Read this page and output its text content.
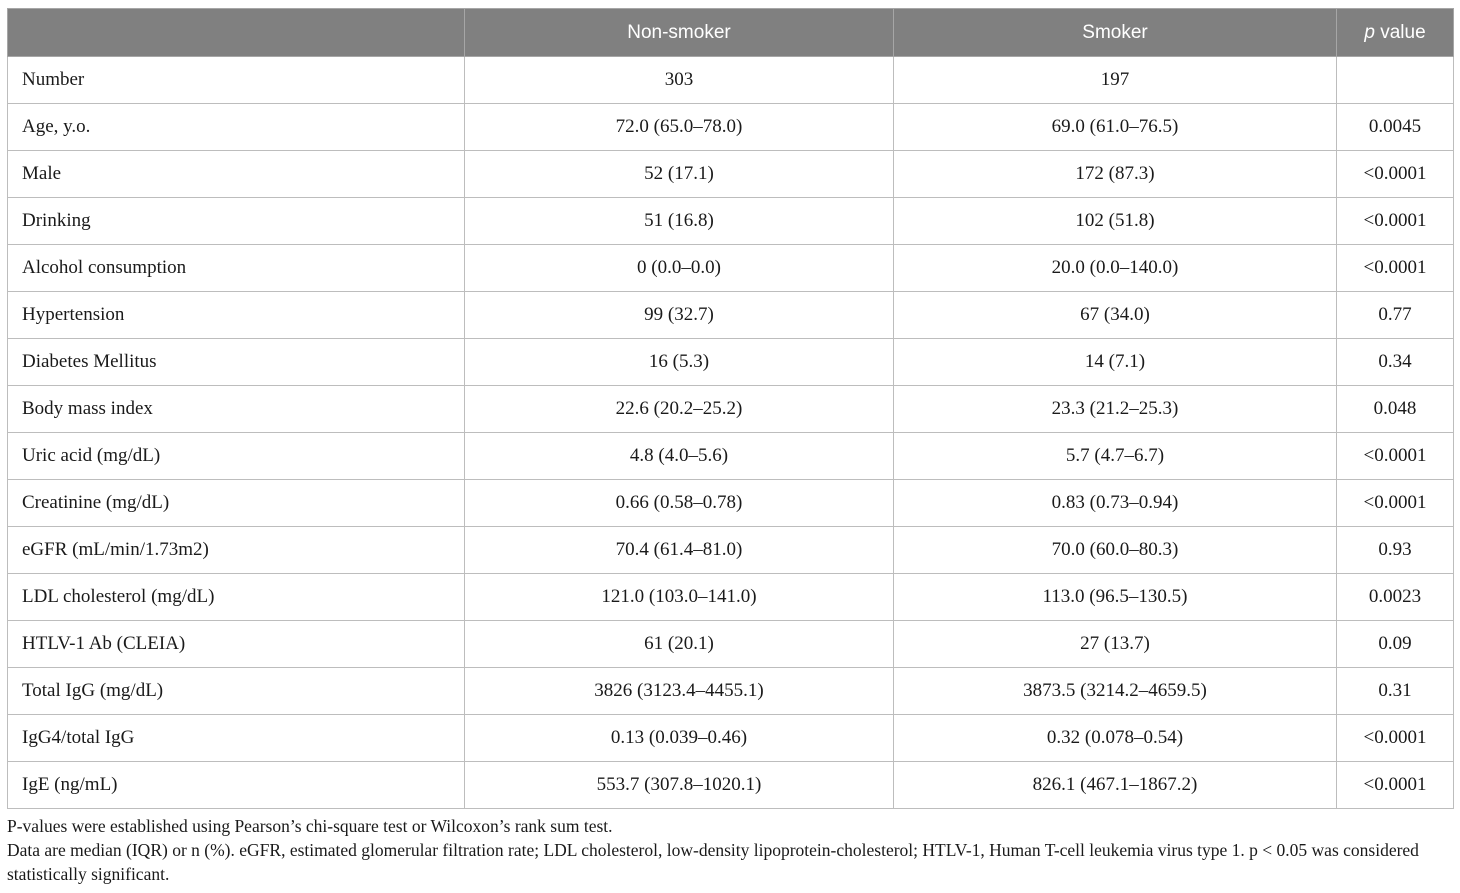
	Non-smoker	Smoker	p value
Number	303	197	
Age, y.o.	72.0 (65.0–78.0)	69.0 (61.0–76.5)	0.0045
Male	52 (17.1)	172 (87.3)	<0.0001
Drinking	51 (16.8)	102 (51.8)	<0.0001
Alcohol consumption	0 (0.0–0.0)	20.0 (0.0–140.0)	<0.0001
Hypertension	99 (32.7)	67 (34.0)	0.77
Diabetes Mellitus	16 (5.3)	14 (7.1)	0.34
Body mass index	22.6 (20.2–25.2)	23.3 (21.2–25.3)	0.048
Uric acid (mg/dL)	4.8 (4.0–5.6)	5.7 (4.7–6.7)	<0.0001
Creatinine (mg/dL)	0.66 (0.58–0.78)	0.83 (0.73–0.94)	<0.0001
eGFR (mL/min/1.73m2)	70.4 (61.4–81.0)	70.0 (60.0–80.3)	0.93
LDL cholesterol (mg/dL)	121.0 (103.0–141.0)	113.0 (96.5–130.5)	0.0023
HTLV-1 Ab (CLEIA)	61 (20.1)	27 (13.7)	0.09
Total IgG (mg/dL)	3826 (3123.4–4455.1)	3873.5 (3214.2–4659.5)	0.31
IgG4/total IgG	0.13 (0.039–0.46)	0.32 (0.078–0.54)	<0.0001
IgE (ng/mL)	553.7 (307.8–1020.1)	826.1 (467.1–1867.2)	<0.0001

P-values were established using Pearson’s chi-square test or Wilcoxon’s rank sum test.

Data are median (IQR) or n (%). eGFR, estimated glomerular filtration rate; LDL cholesterol, low-density lipoprotein-cholesterol; HTLV-1, Human T-cell leukemia virus type 1. p < 0.05 was considered statistically significant.
